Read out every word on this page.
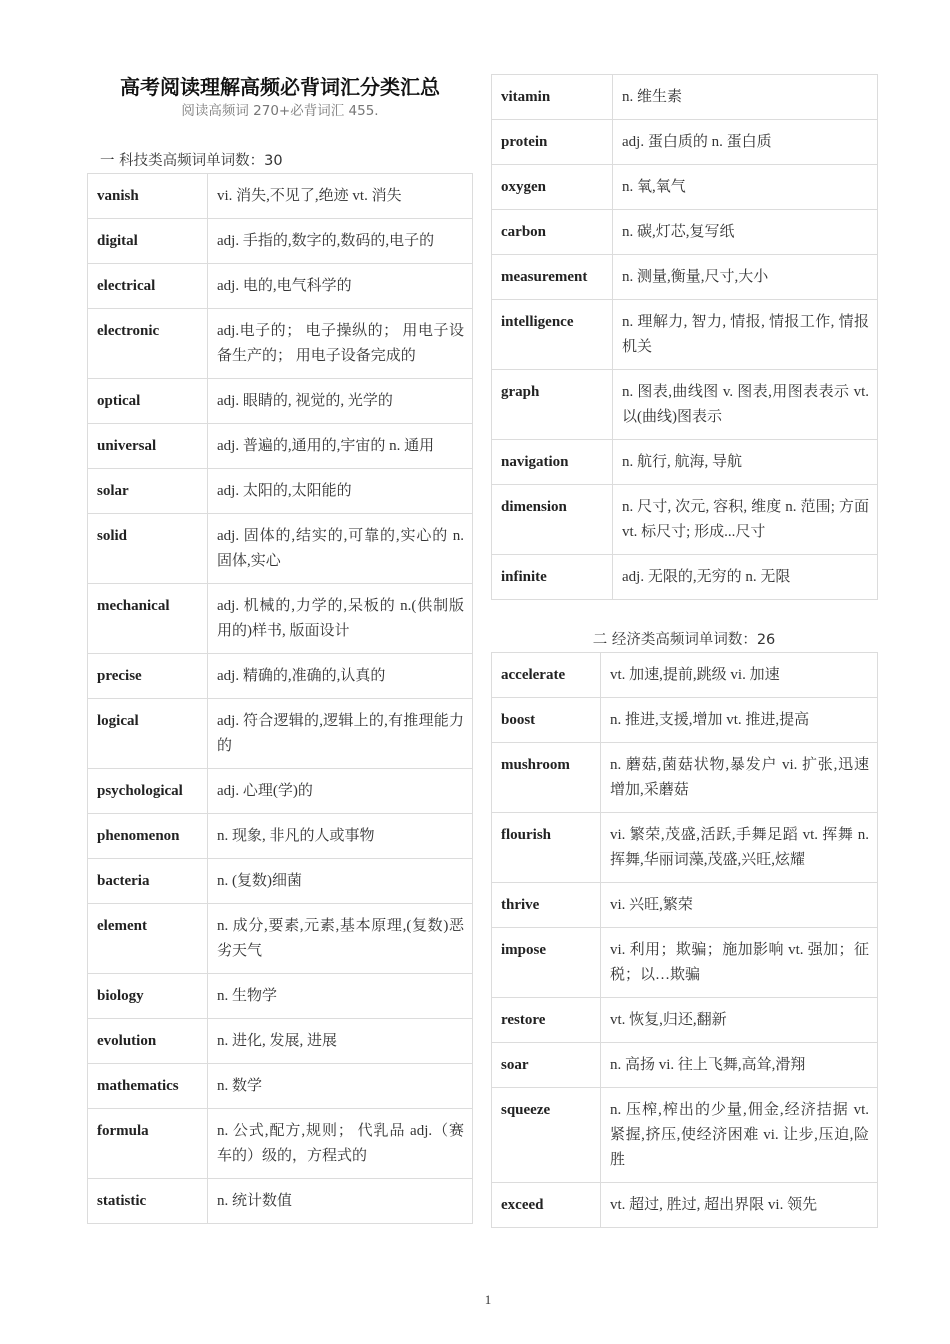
高考阅读理解高频必背词汇分类汇总
阅读高频词 270+必背词汇 455.
一 科技类高频词单词数：30
vanish	vi. 消失,不见了,绝迹 vt. 消失
digital	adj. 手指的,数字的,数码的,电子的
electrical	adj. 电的,电气科学的
electronic	adj.电子的； 电子操纵的； 用电子设备生产的； 用电子设备完成的
optical	adj. 眼睛的, 视觉的, 光学的
universal	adj. 普遍的,通用的,宇宙的 n. 通用
solar	adj. 太阳的,太阳能的
solid	adj. 固体的,结实的,可靠的,实心的 n. 固体,实心
mechanical	adj. 机械的,力学的,呆板的 n.(供制版用的)样书, 版面设计
precise	adj. 精确的,准确的,认真的
logical	adj. 符合逻辑的,逻辑上的,有推理能力的
psychological	adj. 心理(学)的
phenomenon	n. 现象, 非凡的人或事物
bacteria	n. (复数)细菌
element	n. 成分,要素,元素,基本原理,(复数)恶劣天气
biology	n. 生物学
evolution	n. 进化, 发展, 进展
mathematics	n. 数学
formula	n. 公式,配方,规则； 代乳品 adj.（赛车的）级的，方程式的
statistic	n. 统计数值
vitamin	n. 维生素
protein	adj. 蛋白质的 n. 蛋白质
oxygen	n. 氧,氧气
carbon	n. 碳,灯芯,复写纸
measurement	n. 测量,衡量,尺寸,大小
intelligence	n. 理解力, 智力, 情报, 情报工作, 情报机关
graph	n. 图表,曲线图 v. 图表,用图表表示 vt. 以(曲线)图表示
navigation	n. 航行, 航海, 导航
dimension	n. 尺寸, 次元, 容积, 维度 n. 范围; 方面 vt. 标尺寸; 形成...尺寸
infinite	adj. 无限的,无穷的 n. 无限
二 经济类高频词单词数：26
accelerate	vt. 加速,提前,跳级 vi. 加速
boost	n. 推进,支援,增加 vt. 推进,提高
mushroom	n. 蘑菇,菌菇状物,暴发户 vi. 扩张,迅速增加,采蘑菇
flourish	vi. 繁荣,茂盛,活跃,手舞足蹈 vt. 挥舞 n. 挥舞,华丽词藻,茂盛,兴旺,炫耀
thrive	vi. 兴旺,繁荣
impose	vi. 利用；欺骗；施加影响 vt. 强加；征税；以…欺骗
restore	vt. 恢复,归还,翻新
soar	n. 高扬 vi. 往上飞舞,高耸,滑翔
squeeze	n. 压榨,榨出的少量,佣金,经济拮据 vt. 紧握,挤压,使经济困难 vi. 让步,压迫,险胜
exceed	vt. 超过, 胜过, 超出界限 vi. 领先
1
